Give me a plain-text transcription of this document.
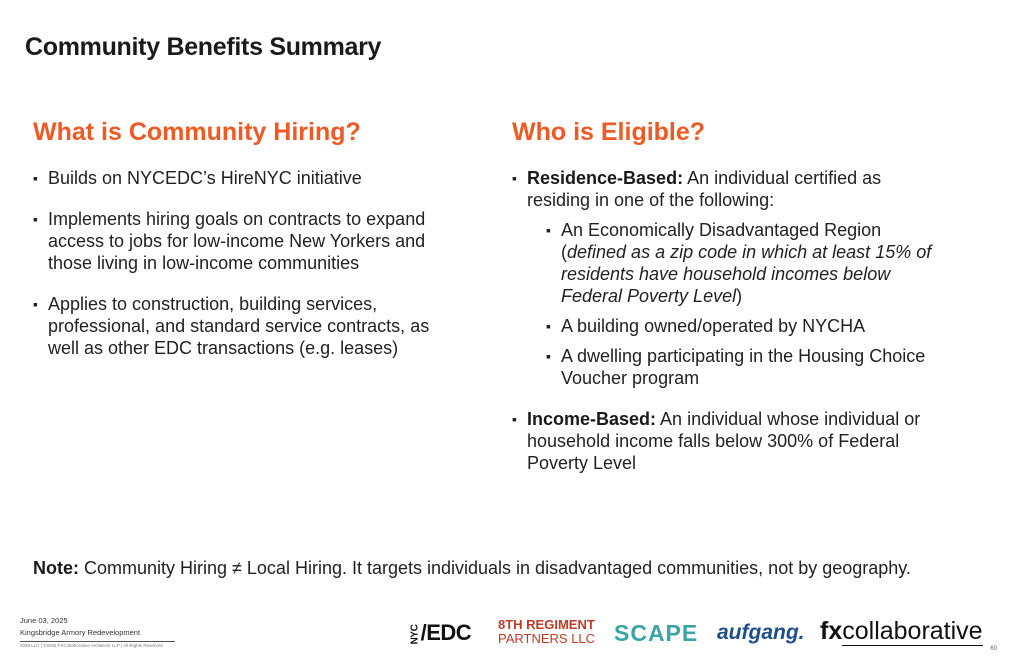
Community Benefits Summary
What is Community Hiring?
▪ Builds on NYCEDC’s HireNYC initiative
▪ Implements hiring goals on contracts to expand access to jobs for low-income New Yorkers and those living in low-income communities
▪ Applies to construction, building services, professional, and standard service contracts, as well as other EDC transactions (e.g. leases)
Who is Eligible?
▪ Residence-Based: An individual certified as residing in one of the following:
▪ An Economically Disadvantaged Region (defined as a zip code in which at least 15% of residents have household incomes below Federal Poverty Level)
▪ A building owned/operated by NYCHA
▪ A dwelling participating in the Housing Choice Voucher program
▪ Income-Based: An individual whose individual or household income falls below 300% of Federal Poverty Level
Note: Community Hiring ≠ Local Hiring. It targets individuals in disadvantaged communities, not by geography.
June 03, 2025
Kingsbridge Armory Redevelopment
2025 LLC | ©2025 FXCollaborative Architects LLP | All Rights Reserved
NYC/EDC 8TH REGIMENT
PARTNERS LLC SCAPE aufgang. fxcollaborative
60
